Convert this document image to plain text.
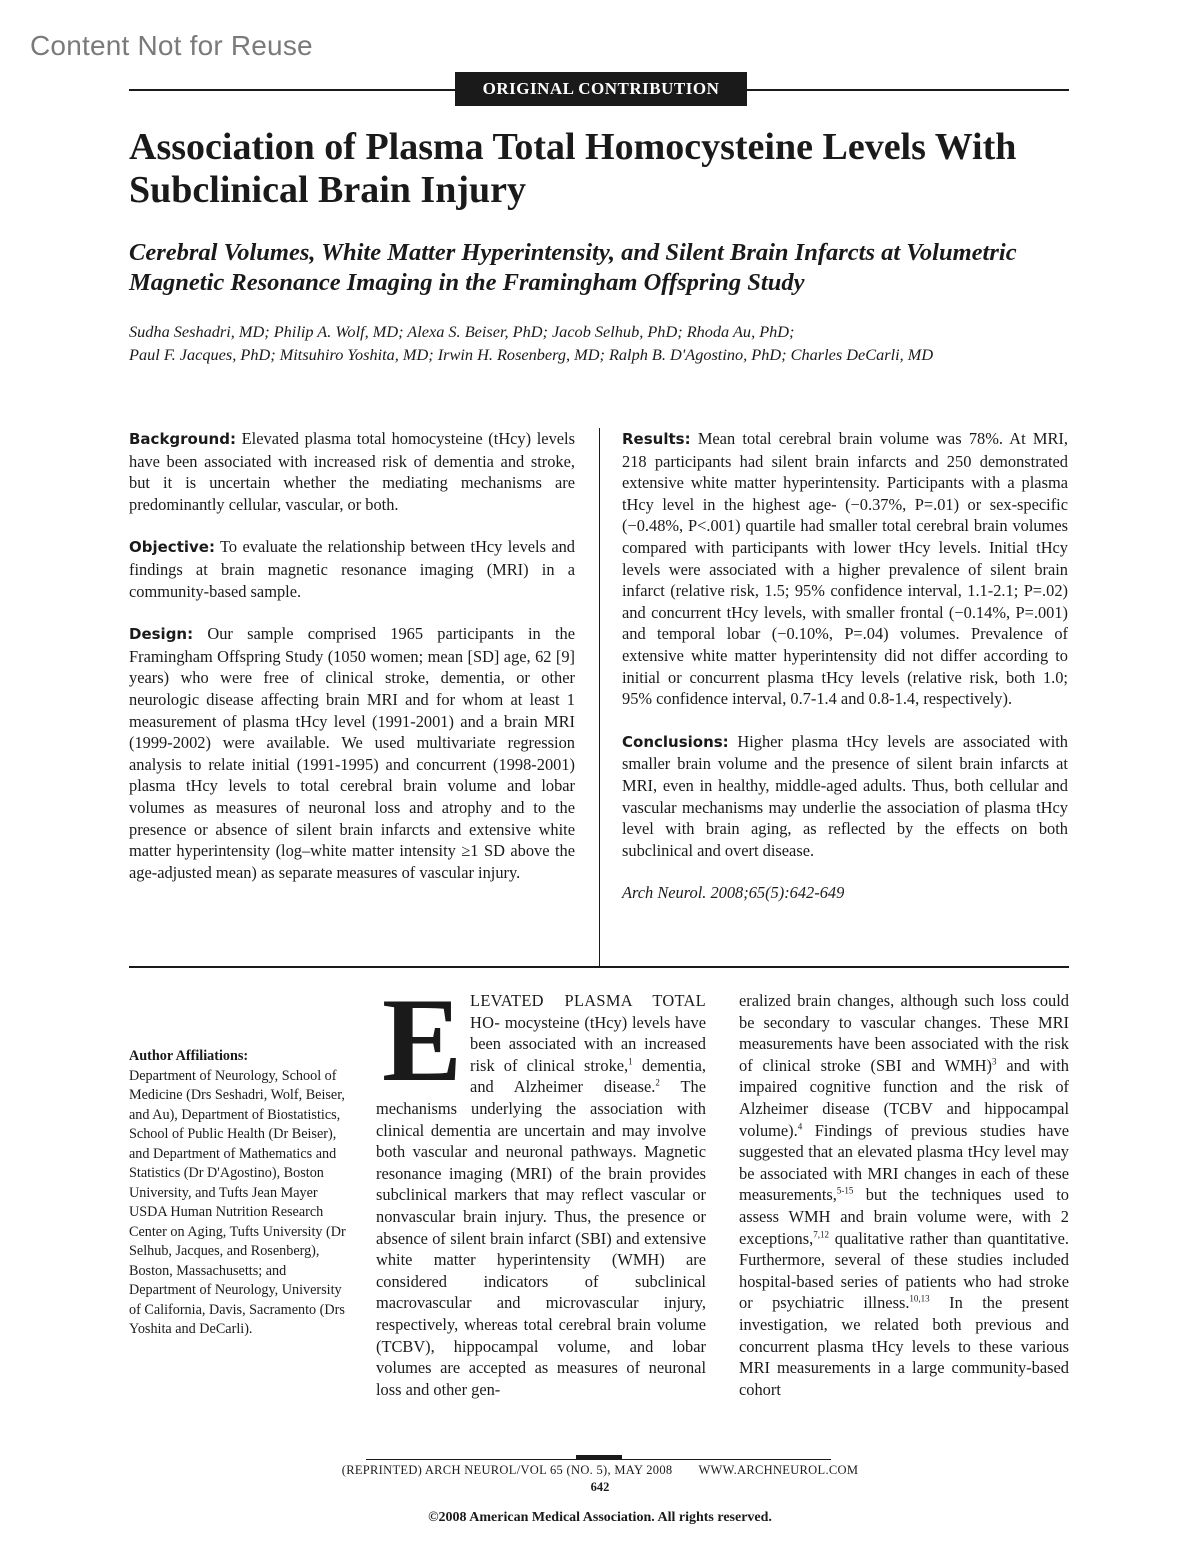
Content Not for Reuse
ORIGINAL CONTRIBUTION
Association of Plasma Total Homocysteine Levels With Subclinical Brain Injury
Cerebral Volumes, White Matter Hyperintensity, and Silent Brain Infarcts at Volumetric Magnetic Resonance Imaging in the Framingham Offspring Study
Sudha Seshadri, MD; Philip A. Wolf, MD; Alexa S. Beiser, PhD; Jacob Selhub, PhD; Rhoda Au, PhD;
Paul F. Jacques, PhD; Mitsuhiro Yoshita, MD; Irwin H. Rosenberg, MD; Ralph B. D'Agostino, PhD; Charles DeCarli, MD

Background: Elevated plasma total homocysteine (tHcy) levels have been associated with increased risk of dementia and stroke, but it is uncertain whether the mediating mechanisms are predominantly cellular, vascular, or both.

Objective: To evaluate the relationship between tHcy levels and findings at brain magnetic resonance imaging (MRI) in a community-based sample.

Design: Our sample comprised 1965 participants in the Framingham Offspring Study (1050 women; mean [SD] age, 62 [9] years) who were free of clinical stroke, dementia, or other neurologic disease affecting brain MRI and for whom at least 1 measurement of plasma tHcy level (1991-2001) and a brain MRI (1999-2002) were available. We used multivariate regression analysis to relate initial (1991-1995) and concurrent (1998-2001) plasma tHcy levels to total cerebral brain volume and lobar volumes as measures of neuronal loss and atrophy and to the presence or absence of silent brain infarcts and extensive white matter hyperintensity (log–white matter intensity ≥1 SD above the age-adjusted mean) as separate measures of vascular injury.

Results: Mean total cerebral brain volume was 78%. At MRI, 218 participants had silent brain infarcts and 250 demonstrated extensive white matter hyperintensity. Participants with a plasma tHcy level in the highest age- (−0.37%, P=.01) or sex-specific (−0.48%, P<.001) quartile had smaller total cerebral brain volumes compared with participants with lower tHcy levels. Initial tHcy levels were associated with a higher prevalence of silent brain infarct (relative risk, 1.5; 95% confidence interval, 1.1-2.1; P=.02) and concurrent tHcy levels, with smaller frontal (−0.14%, P=.001) and temporal lobar (−0.10%, P=.04) volumes. Prevalence of extensive white matter hyperintensity did not differ according to initial or concurrent plasma tHcy levels (relative risk, both 1.0; 95% confidence interval, 0.7-1.4 and 0.8-1.4, respectively).

Conclusions: Higher plasma tHcy levels are associated with smaller brain volume and the presence of silent brain infarcts at MRI, even in healthy, middle-aged adults. Thus, both cellular and vascular mechanisms may underlie the association of plasma tHcy level with brain aging, as reflected by the effects on both subclinical and overt disease.

Arch Neurol. 2008;65(5):642-649

Author Affiliations:

Department of Neurology, School of Medicine (Drs Seshadri, Wolf, Beiser, and Au), Department of Biostatistics, School of Public Health (Dr Beiser), and Department of Mathematics and Statistics (Dr D'Agostino), Boston University, and Tufts Jean Mayer USDA Human Nutrition Research Center on Aging, Tufts University (Dr Selhub, Jacques, and Rosenberg), Boston, Massachusetts; and Department of Neurology, University of California, Davis, Sacramento (Drs Yoshita and DeCarli).

ELEVATED PLASMA TOTAL HO- mocysteine (tHcy) levels have been associated with an increased risk of clinical stroke,$^1$ dementia, and Alzheimer disease.$^2$ The mechanisms underlying the association with clinical dementia are uncertain and may involve both vascular and neuronal pathways. Magnetic resonance imaging (MRI) of the brain provides subclinical markers that may reflect vascular or nonvascular brain injury. Thus, the presence or absence of silent brain infarct (SBI) and extensive white matter hyperintensity (WMH) are considered indicators of subclinical macrovascular and microvascular injury, respectively, whereas total cerebral brain volume (TCBV), hippocampal volume, and lobar volumes are accepted as measures of neuronal loss and other gen-

eralized brain changes, although such loss could be secondary to vascular changes. These MRI measurements have been associated with the risk of clinical stroke (SBI and WMH)$^3$ and with impaired cognitive function and the risk of Alzheimer disease (TCBV and hippocampal volume).$^4$ Findings of previous studies have suggested that an elevated plasma tHcy level may be associated with MRI changes in each of these measurements,$^{5-15}$ but the techniques used to assess WMH and brain volume were, with 2 exceptions,$^{7,12}$ qualitative rather than quantitative. Furthermore, several of these studies included hospital-based series of patients who had stroke or psychiatric illness.$^{10,13}$ In the present investigation, we related both previous and concurrent plasma tHcy levels to these various MRI measurements in a large community-based cohort

(REPRINTED) ARCH NEUROL/VOL 65 (NO. 5), MAY 2008 WWW.ARCHNEUROL.COM
642
©2008 American Medical Association. All rights reserved.
